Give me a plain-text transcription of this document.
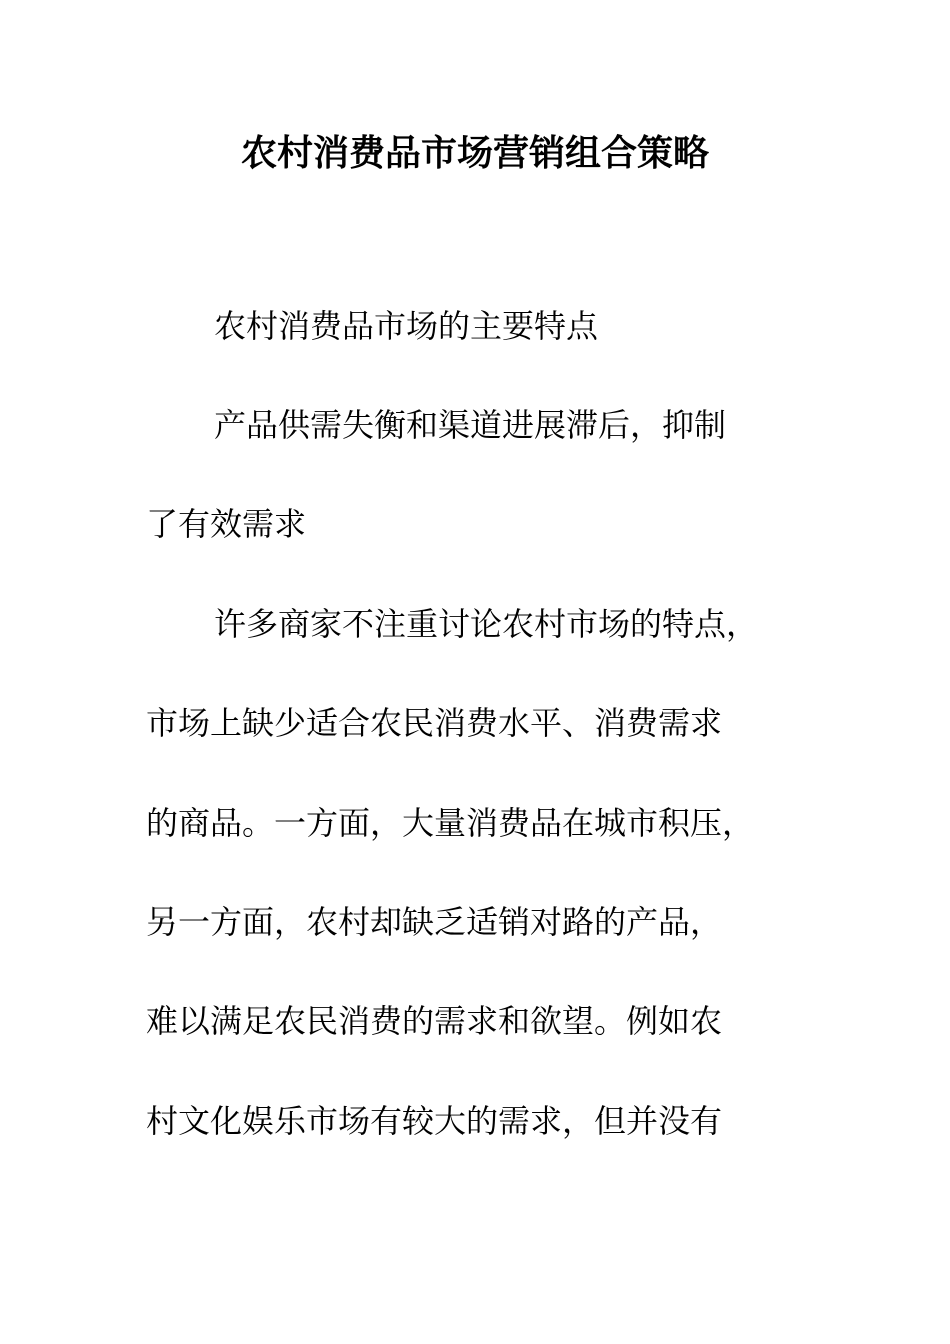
农村消费品市场营销组合策略
农村消费品市场的主要特点
产品供需失衡和渠道进展滞后，抑制
了有效需求
许多商家不注重讨论农村市场的特点，
市场上缺少适合农民消费水平、消费需求
的商品。一方面，大量消费品在城市积压，
另一方面，农村却缺乏适销对路的产品，
难以满足农民消费的需求和欲望。例如农
村文化娱乐市场有较大的需求，但并没有
